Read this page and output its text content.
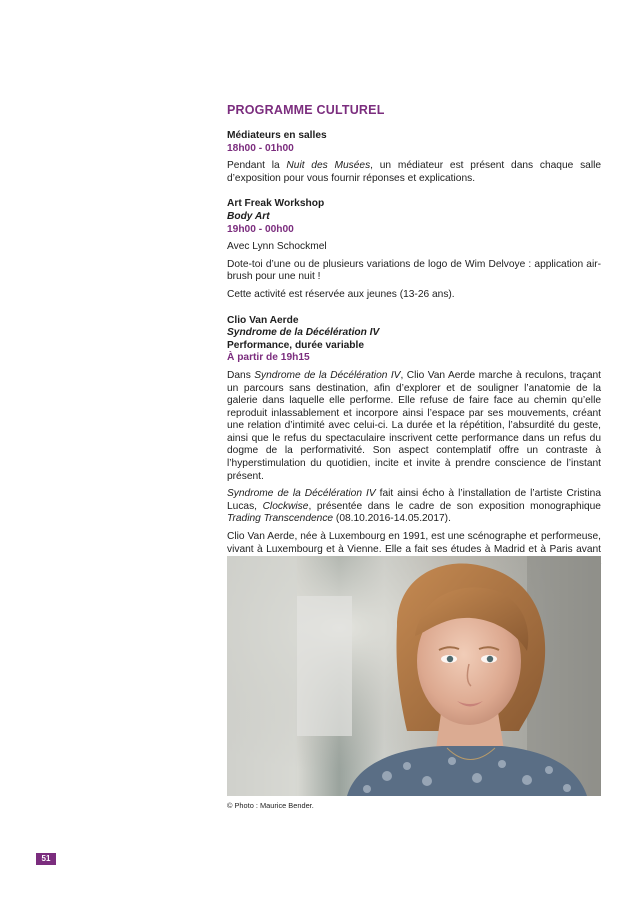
PROGRAMME CULTUREL
Médiateurs en salles
18h00 - 01h00

Pendant la Nuit des Musées, un médiateur est présent dans chaque salle d’exposition pour vous fournir réponses et explications.

Art Freak Workshop
Body Art
19h00 - 00h00

Avec Lynn Schockmel

Dote-toi d’une ou de plusieurs variations de logo de Wim Delvoye : application air-brush pour une nuit !

Cette activité est réservée aux jeunes (13-26 ans).

Clio Van Aerde
Syndrome de la Décélération IV
Performance, durée variable
À partir de 19h15

Dans Syndrome de la Décélération IV, Clio Van Aerde marche à reculons, traçant un parcours sans destination, afin d’explorer et de souligner l’anatomie de la galerie dans laquelle elle performe. Elle refuse de faire face au chemin qu’elle reproduit inlassablement et incorpore ainsi l’espace par ses mouvements, créant une relation d’intimité avec celui-ci. La durée et la répétition, l’absurdité du geste, ainsi que le refus du spectaculaire inscrivent cette performance dans un refus du dogme de la performativité. Son aspect contemplatif offre un contraste à l’hyperstimulation du quotidien, incite et invite à prendre conscience de l’instant présent.

Syndrome de la Décélération IV fait ainsi écho à l’installation de l’artiste Cristina Lucas, Clockwise, présentée dans le cadre de son exposition monographique Trading Transcendence (08.10.2016-14.05.2017).

Clio Van Aerde, née à Luxembourg en 1991, est une scénographe et performeuse, vivant à Luxembourg et à Vienne. Elle a fait ses études à Madrid et à Paris avant

© Photo : Maurice Bender.
51
